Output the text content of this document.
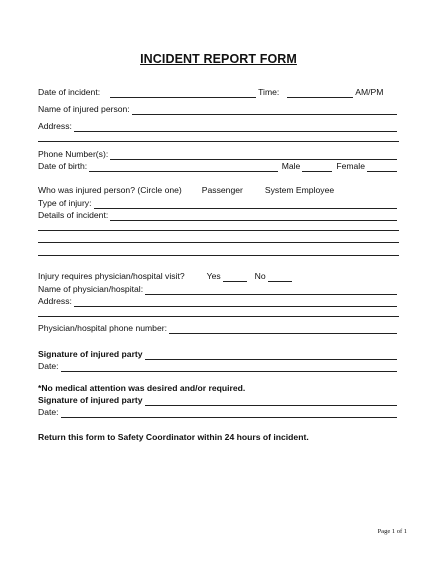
INCIDENT REPORT FORM
Date of incident:	Time:	AM/PM
Name of injured person:
Address:
Phone Number(s):
Date of birth:	Male	Female
Who was injured person? (Circle one) Passenger	System Employee
Type of injury:
Details of incident:
Injury requires physician/hospital visit?	Yes	No
Name of physician/hospital:
Address:
Physician/hospital phone number:
Signature of injured party
Date:
*No medical attention was desired and/or required.
Signature of injured party
Date:
Return this form to Safety Coordinator within 24 hours of incident.
Page 1 of 1
